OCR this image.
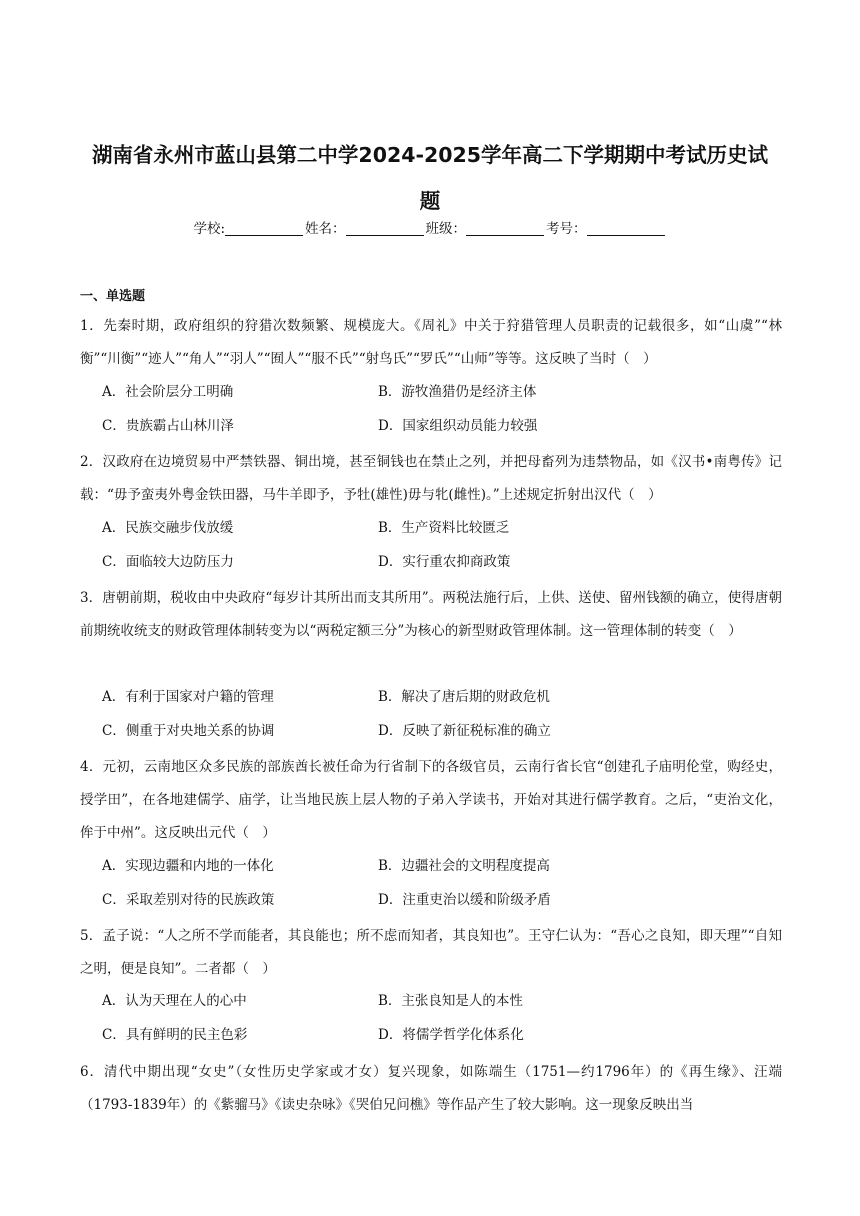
湖南省永州市蓝山县第二中学2024-2025学年高二下学期期中考试历史试
题
学校:	姓名：	班级：	考号：
一、单选题
1．先秦时期，政府组织的狩猎次数频繁、规模庞大。《周礼》中关于狩猎管理人员职责的记载很多，如“山虞”“林衡”“川衡”“迹人”“角人”“羽人”“囿人”“服不氏”“射鸟氏”“罗氏”“山师”等等。这反映了当时（　）
A．社会阶层分工明确	B．游牧渔猎仍是经济主体
C．贵族霸占山林川泽	D．国家组织动员能力较强
2．汉政府在边境贸易中严禁铁器、铜出境，甚至铜钱也在禁止之列，并把母畜列为违禁物品，如《汉书•南粤传》记载：“毋予蛮夷外粤金铁田器，马牛羊即予，予牡(雄性)毋与牝(雌性)。”上述规定折射出汉代（　）
A．民族交融步伐放缓	B．生产资料比较匮乏
C．面临较大边防压力	D．实行重农抑商政策
3．唐朝前期，税收由中央政府“每岁计其所出而支其所用”。两税法施行后，上供、送使、留州钱额的确立，使得唐朝前期统收统支的财政管理体制转变为以“两税定额三分”为核心的新型财政管理体制。这一管理体制的转变（　）
A．有利于国家对户籍的管理	B．解决了唐后期的财政危机
C．侧重于对央地关系的协调	D．反映了新征税标准的确立
4．元初，云南地区众多民族的部族酋长被任命为行省制下的各级官员，云南行省长官“创建孔子庙明伦堂，购经史，授学田”，在各地建儒学、庙学，让当地民族上层人物的子弟入学读书，开始对其进行儒学教育。之后，“吏治文化，侔于中州”。这反映出元代（　）
A．实现边疆和内地的一体化	B．边疆社会的文明程度提高
C．采取差别对待的民族政策	D．注重吏治以缓和阶级矛盾
5．孟子说：“人之所不学而能者，其良能也；所不虑而知者，其良知也”。王守仁认为：“吾心之良知，即天理”“自知之明，便是良知”。二者都（　）
A．认为天理在人的心中	B．主张良知是人的本性
C．具有鲜明的民主色彩	D．将儒学哲学化体系化
6．清代中期出现“女史”（女性历史学家或才女）复兴现象，如陈端生（1751—约1796年）的《再生缘》、汪端（1793-1839年）的《紫骝马》《读史杂咏》《哭伯兄问樵》等作品产生了较大影响。这一现象反映出当
